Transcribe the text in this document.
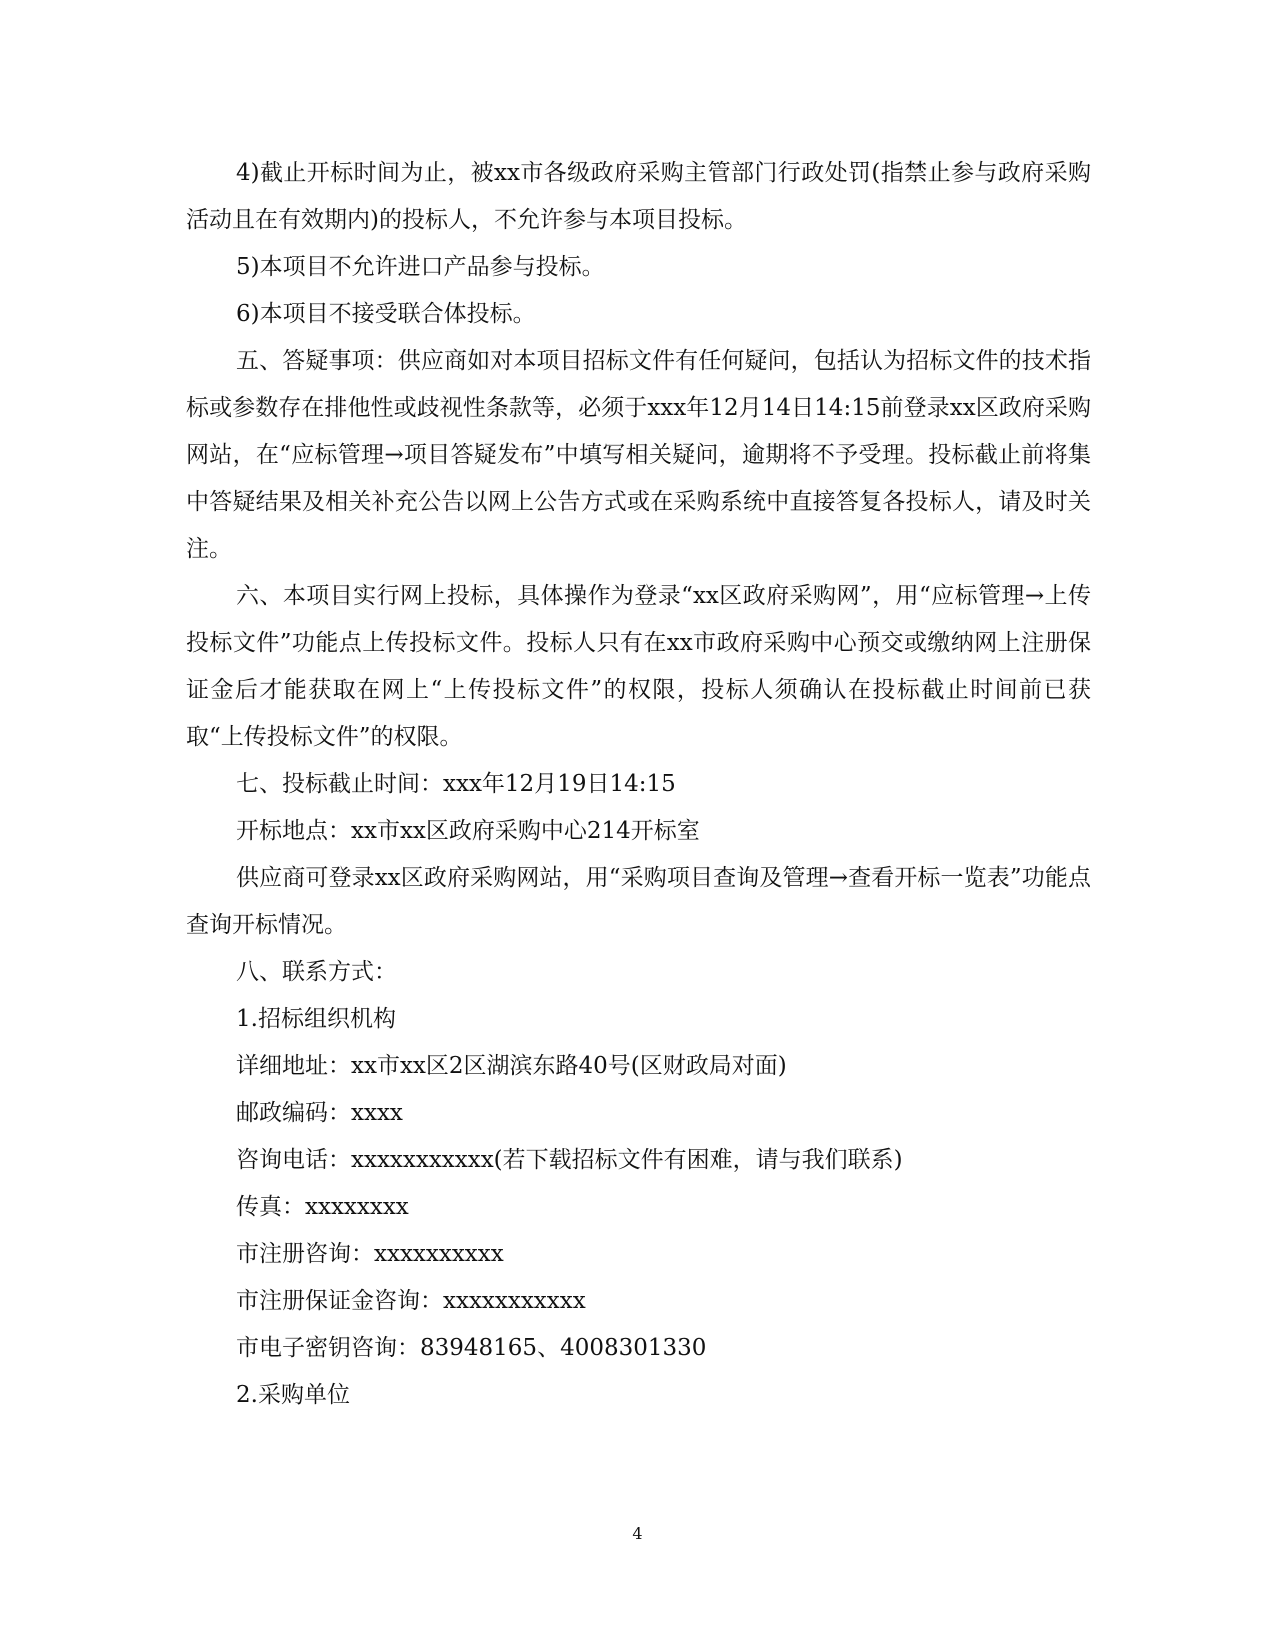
4)截止开标时间为止，被xx市各级政府采购主管部门行政处罚(指禁止参与政府采购活动且在有效期内)的投标人，不允许参与本项目投标。

5)本项目不允许进口产品参与投标。

6)本项目不接受联合体投标。

五、答疑事项：供应商如对本项目招标文件有任何疑问，包括认为招标文件的技术指标或参数存在排他性或歧视性条款等，必须于xxx年12月14日14:15前登录xx区政府采购网站，在“应标管理→项目答疑发布”中填写相关疑问，逾期将不予受理。投标截止前将集中答疑结果及相关补充公告以网上公告方式或在采购系统中直接答复各投标人，请及时关注。

六、本项目实行网上投标，具体操作为登录“xx区政府采购网”，用“应标管理→上传投标文件”功能点上传投标文件。投标人只有在xx市政府采购中心预交或缴纳网上注册保证金后才能获取在网上“上传投标文件”的权限，投标人须确认在投标截止时间前已获取“上传投标文件”的权限。

七、投标截止时间：xxx年12月19日14:15

开标地点：xx市xx区政府采购中心214开标室

供应商可登录xx区政府采购网站，用“采购项目查询及管理→查看开标一览表”功能点查询开标情况。

八、联系方式：

1.招标组织机构

详细地址：xx市xx区2区湖滨东路40号(区财政局对面)

邮政编码：xxxx

咨询电话：xxxxxxxxxxx(若下载招标文件有困难，请与我们联系)

传真：xxxxxxxx

市注册咨询：xxxxxxxxxx

市注册保证金咨询：xxxxxxxxxxx

市电子密钥咨询：83948165、4008301330

2.采购单位

4
